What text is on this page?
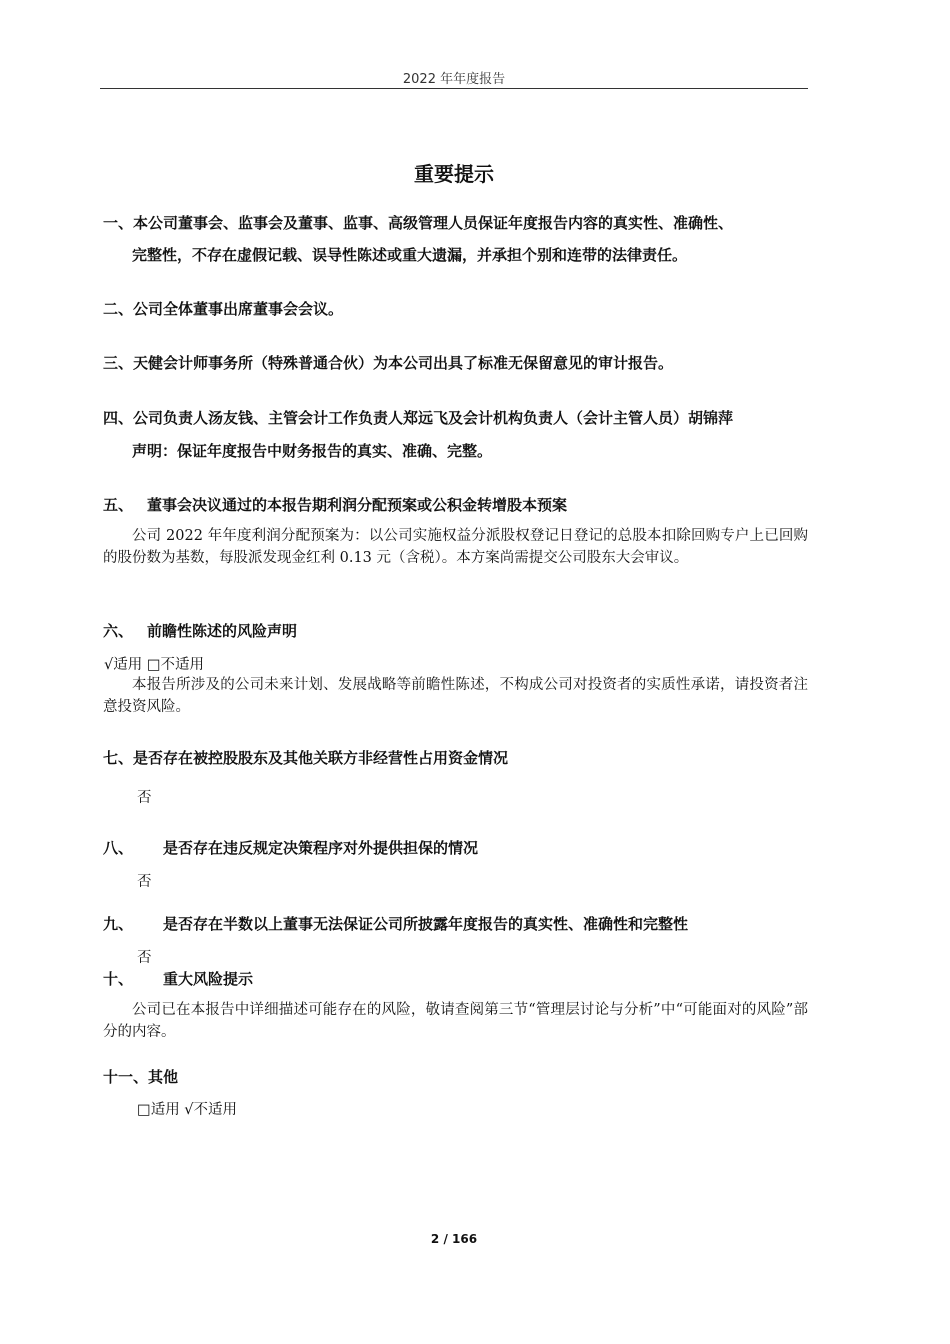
2022 年年度报告
重要提示
一、本公司董事会、监事会及董事、监事、高级管理人员保证年度报告内容的真实性、准确性、
完整性，不存在虚假记载、误导性陈述或重大遗漏，并承担个别和连带的法律责任。
二、公司全体董事出席董事会会议。
三、天健会计师事务所（特殊普通合伙）为本公司出具了标准无保留意见的审计报告。
四、公司负责人汤友钱、主管会计工作负责人郑远飞及会计机构负责人（会计主管人员）胡锦萍
声明：保证年度报告中财务报告的真实、准确、完整。
五、 董事会决议通过的本报告期利润分配预案或公积金转增股本预案
公司 2022 年年度利润分配预案为：以公司实施权益分派股权登记日登记的总股本扣除回购专户上已回购的股份数为基数，每股派发现金红利 0.13 元（含税）。本方案尚需提交公司股东大会审议。
六、 前瞻性陈述的风险声明
√适用 □不适用
本报告所涉及的公司未来计划、发展战略等前瞻性陈述，不构成公司对投资者的实质性承诺，请投资者注意投资风险。
七、是否存在被控股股东及其他关联方非经营性占用资金情况
否
八、 是否存在违反规定决策程序对外提供担保的情况
否
九、 是否存在半数以上董事无法保证公司所披露年度报告的真实性、准确性和完整性
否
十、 重大风险提示
公司已在本报告中详细描述可能存在的风险，敬请查阅第三节“管理层讨论与分析”中“可能面对的风险”部分的内容。
十一、其他
□适用 √不适用
2 / 166
